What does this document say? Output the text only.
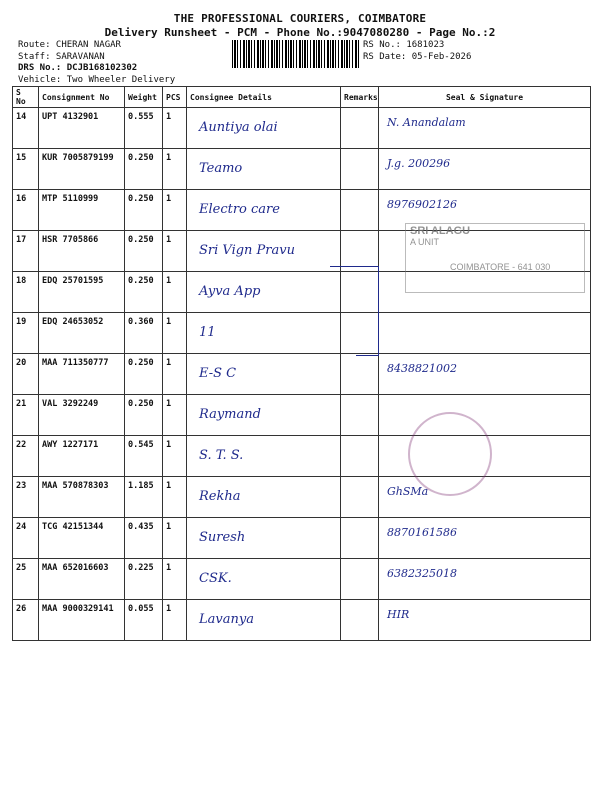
THE PROFESSIONAL COURIERS, COIMBATORE
Delivery Runsheet - PCM - Phone No.:9047080280 - Page No.:2
Route: CHERAN NAGAR
Staff: SARAVANAN
DRS No.: DCJB168102302
Vehicle: Two Wheeler Delivery
RS No.: 1681023
RS Date: 05-Feb-2026
S No	Consignment No	Weight	PCS	Consignee Details	Remarks	Seal & Signature
14	UPT 4132901	0.555	1	Auntiya olai		N. Anandalam

15	KUR 7005879199	0.250	1	Teamo		J.g. 200296

16	MTP 5110999	0.250	1	Electro care		8976902126

17	HSR 7705866	0.250	1	Sri Vign Pravu		

18	EDQ 25701595	0.250	1	Ayva App		

19	EDQ 24653052	0.360	1	11		

20	MAA 711350777	0.250	1	E-S C		8438821002

21	VAL 3292249	0.250	1	Raymand		

22	AWY 1227171	0.545	1	S. T. S.		

23	MAA 570878303	1.185	1	Rekha		GhSMa

24	TCG 42151344	0.435	1	Suresh		8870161586

25	MAA 652016603	0.225	1	CSK.		6382325018

26	MAA 9000329141	0.055	1	Lavanya		HIR
SRI ALAGU
A UNIT
COIMBATORE - 641 030
